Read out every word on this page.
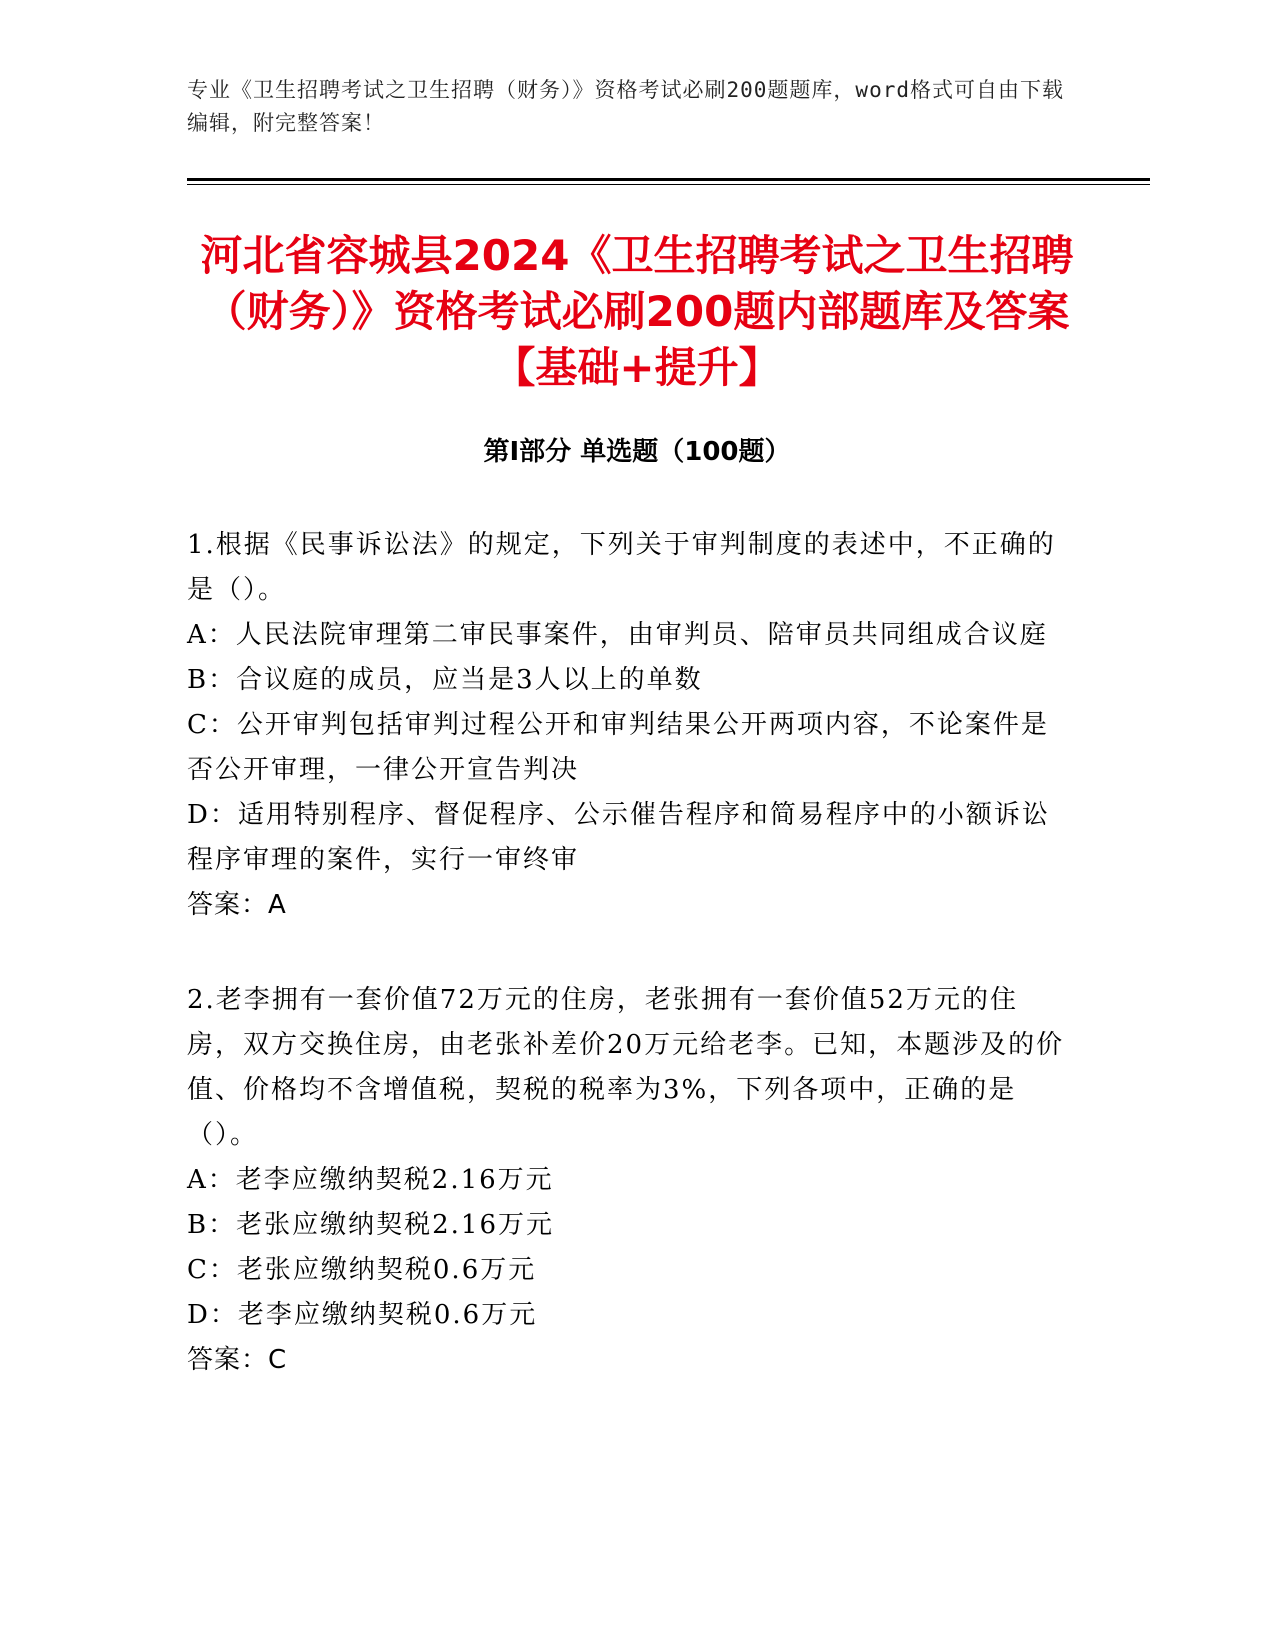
专业《卫生招聘考试之卫生招聘（财务）》资格考试必刷200题题库，word格式可自由下载编辑，附完整答案！
河北省容城县2024《卫生招聘考试之卫生招聘（财务）》资格考试必刷200题内部题库及答案【基础+提升】
第Ⅰ部分 单选题（100题）

1.根据《民事诉讼法》的规定，下列关于审判制度的表述中，不正确的是（）。

A：人民法院审理第二审民事案件，由审判员、陪审员共同组成合议庭

B：合议庭的成员，应当是3人以上的单数

C：公开审判包括审判过程公开和审判结果公开两项内容，不论案件是否公开审理，一律公开宣告判决

D：适用特别程序、督促程序、公示催告程序和简易程序中的小额诉讼程序审理的案件，实行一审终审

答案：A

2.老李拥有一套价值72万元的住房，老张拥有一套价值52万元的住房，双方交换住房，由老张补差价20万元给老李。已知，本题涉及的价值、价格均不含增值税，契税的税率为3%，下列各项中，正确的是（）。

A：老李应缴纳契税2.16万元

B：老张应缴纳契税2.16万元

C：老张应缴纳契税0.6万元

D：老李应缴纳契税0.6万元

答案：C
